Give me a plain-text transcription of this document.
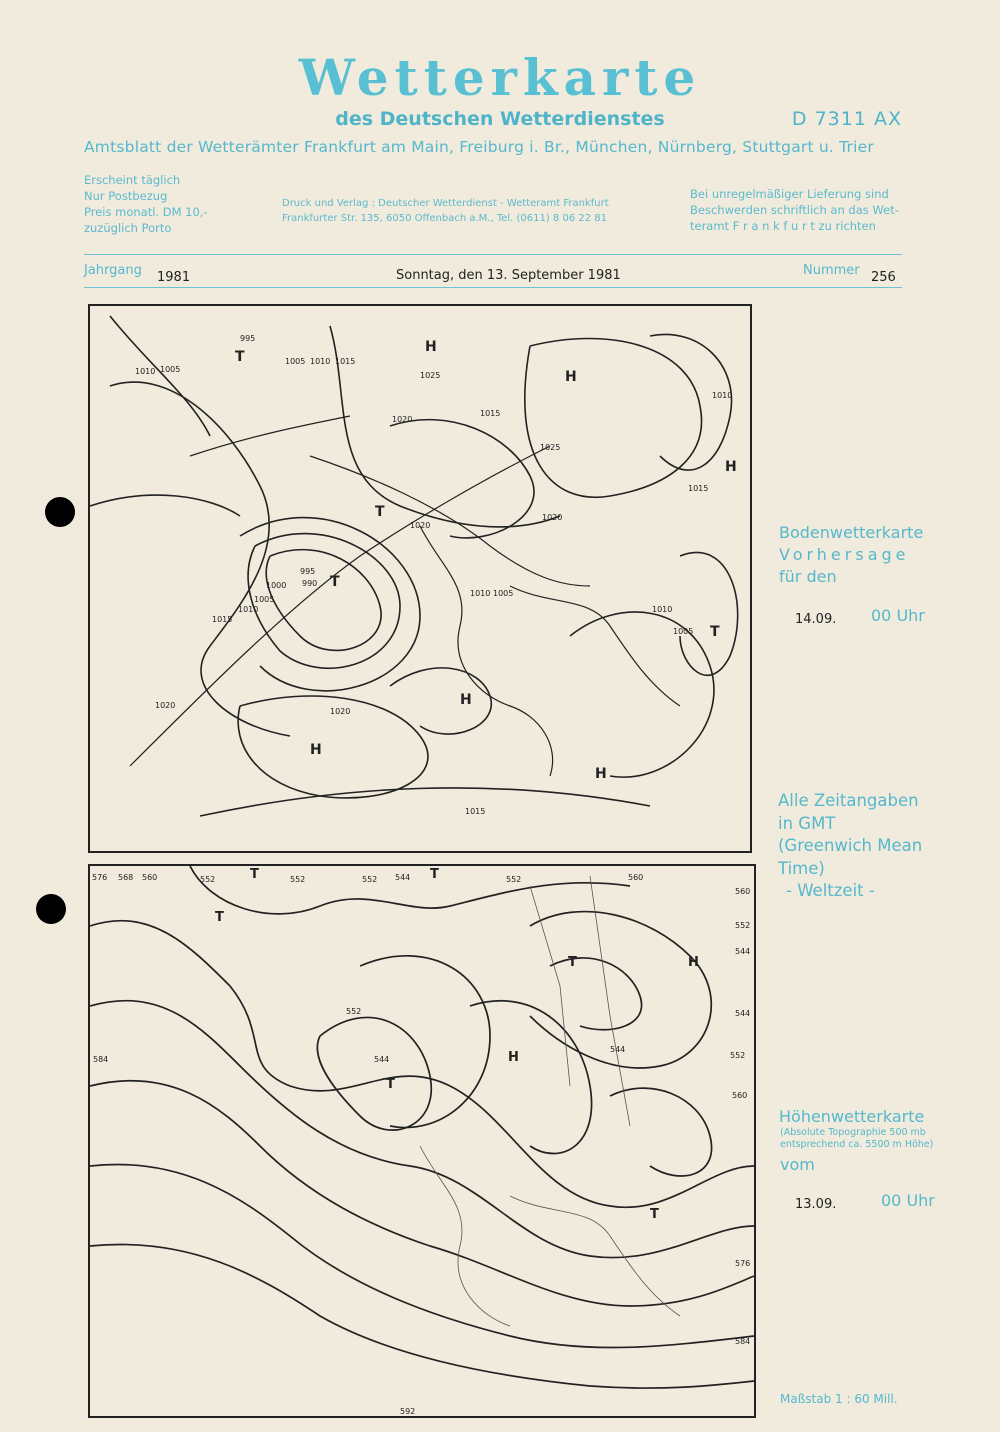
Wetterkarte
des Deutschen Wetterdienstes	D 7311 AX
Amtsblatt der Wetterämter Frankfurt am Main, Freiburg i. Br., München, Nürnberg, Stuttgart u. Trier
Erscheint täglich
Nur Postbezug
Preis monatl. DM 10,-
zuzüglich Porto
Druck und Verlag : Deutscher Wetterdienst - Wetteramt Frankfurt
Frankfurter Str. 135, 6050 Offenbach a.M., Tel. (0611) 8 06 22 81
Bei unregelmäßiger Lieferung sind
Beschwerden schriftlich an das Wet-
teramt F r a n k f u r t zu richten
Jahrgang 1981	Sonntag, den 13. September 1981	Nummer 256
H
H
H
H
H
H
T
T
T
T
995
1010 1005
1005 1010 1015
1025
1020
1015
1025
1020
1020
995
990
1000
1005
1010
1015
1010 1005
1010
1005
1015
1010
1020
1020
1015
Bodenwetterkarte
Vorhersage
für den
14.09. 00 Uhr
Alle Zeitangaben
in GMT
(Greenwich Mean
Time)
- Weltzeit -
T	T
T
T
T
T
H
H
576 568 560	552	552	552 544	552	560
560
552
544
544
552
560
544
552
544
584
576
584
592
Höhenwetterkarte
(Absolute Topographie 500 mb
entsprechend ca. 5500 m Höhe)
vom
13.09.	00 Uhr
Maßstab 1 : 60 Mill.
